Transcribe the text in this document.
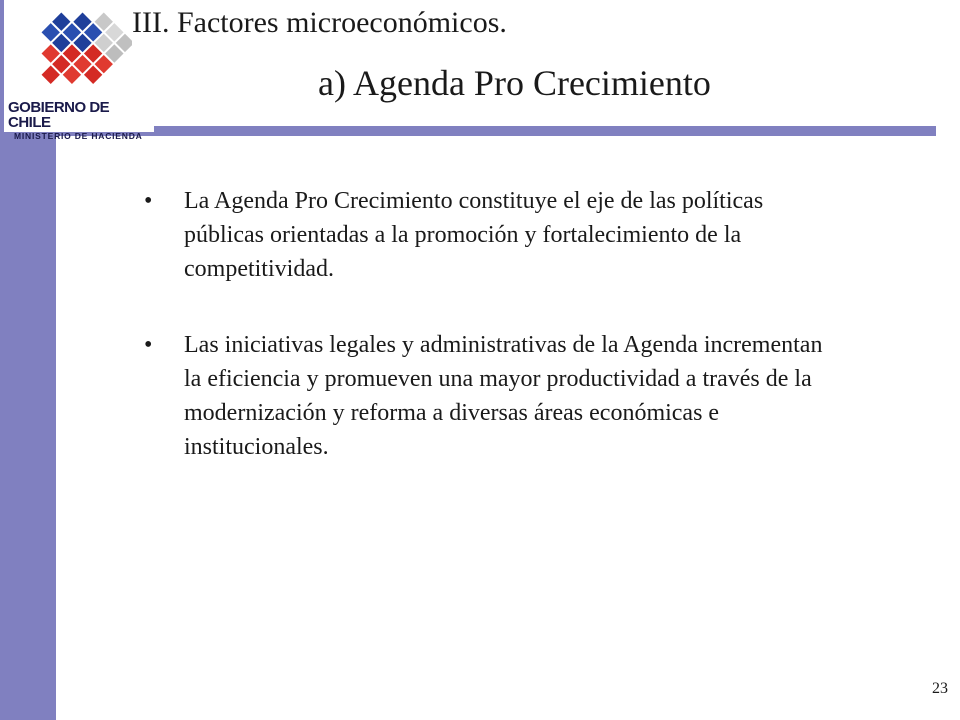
GOBIERNO DE CHILE
MINISTERIO DE HACIENDA
III. Factores microeconómicos.
a) Agenda Pro Crecimiento
• La Agenda Pro Crecimiento constituye el eje de las políticas públicas orientadas a la promoción y fortalecimiento de la competitividad.
• Las iniciativas legales y administrativas de la Agenda incrementan la eficiencia y promueven una mayor productividad a través de la modernización y reforma a diversas áreas económicas e institucionales.
23
